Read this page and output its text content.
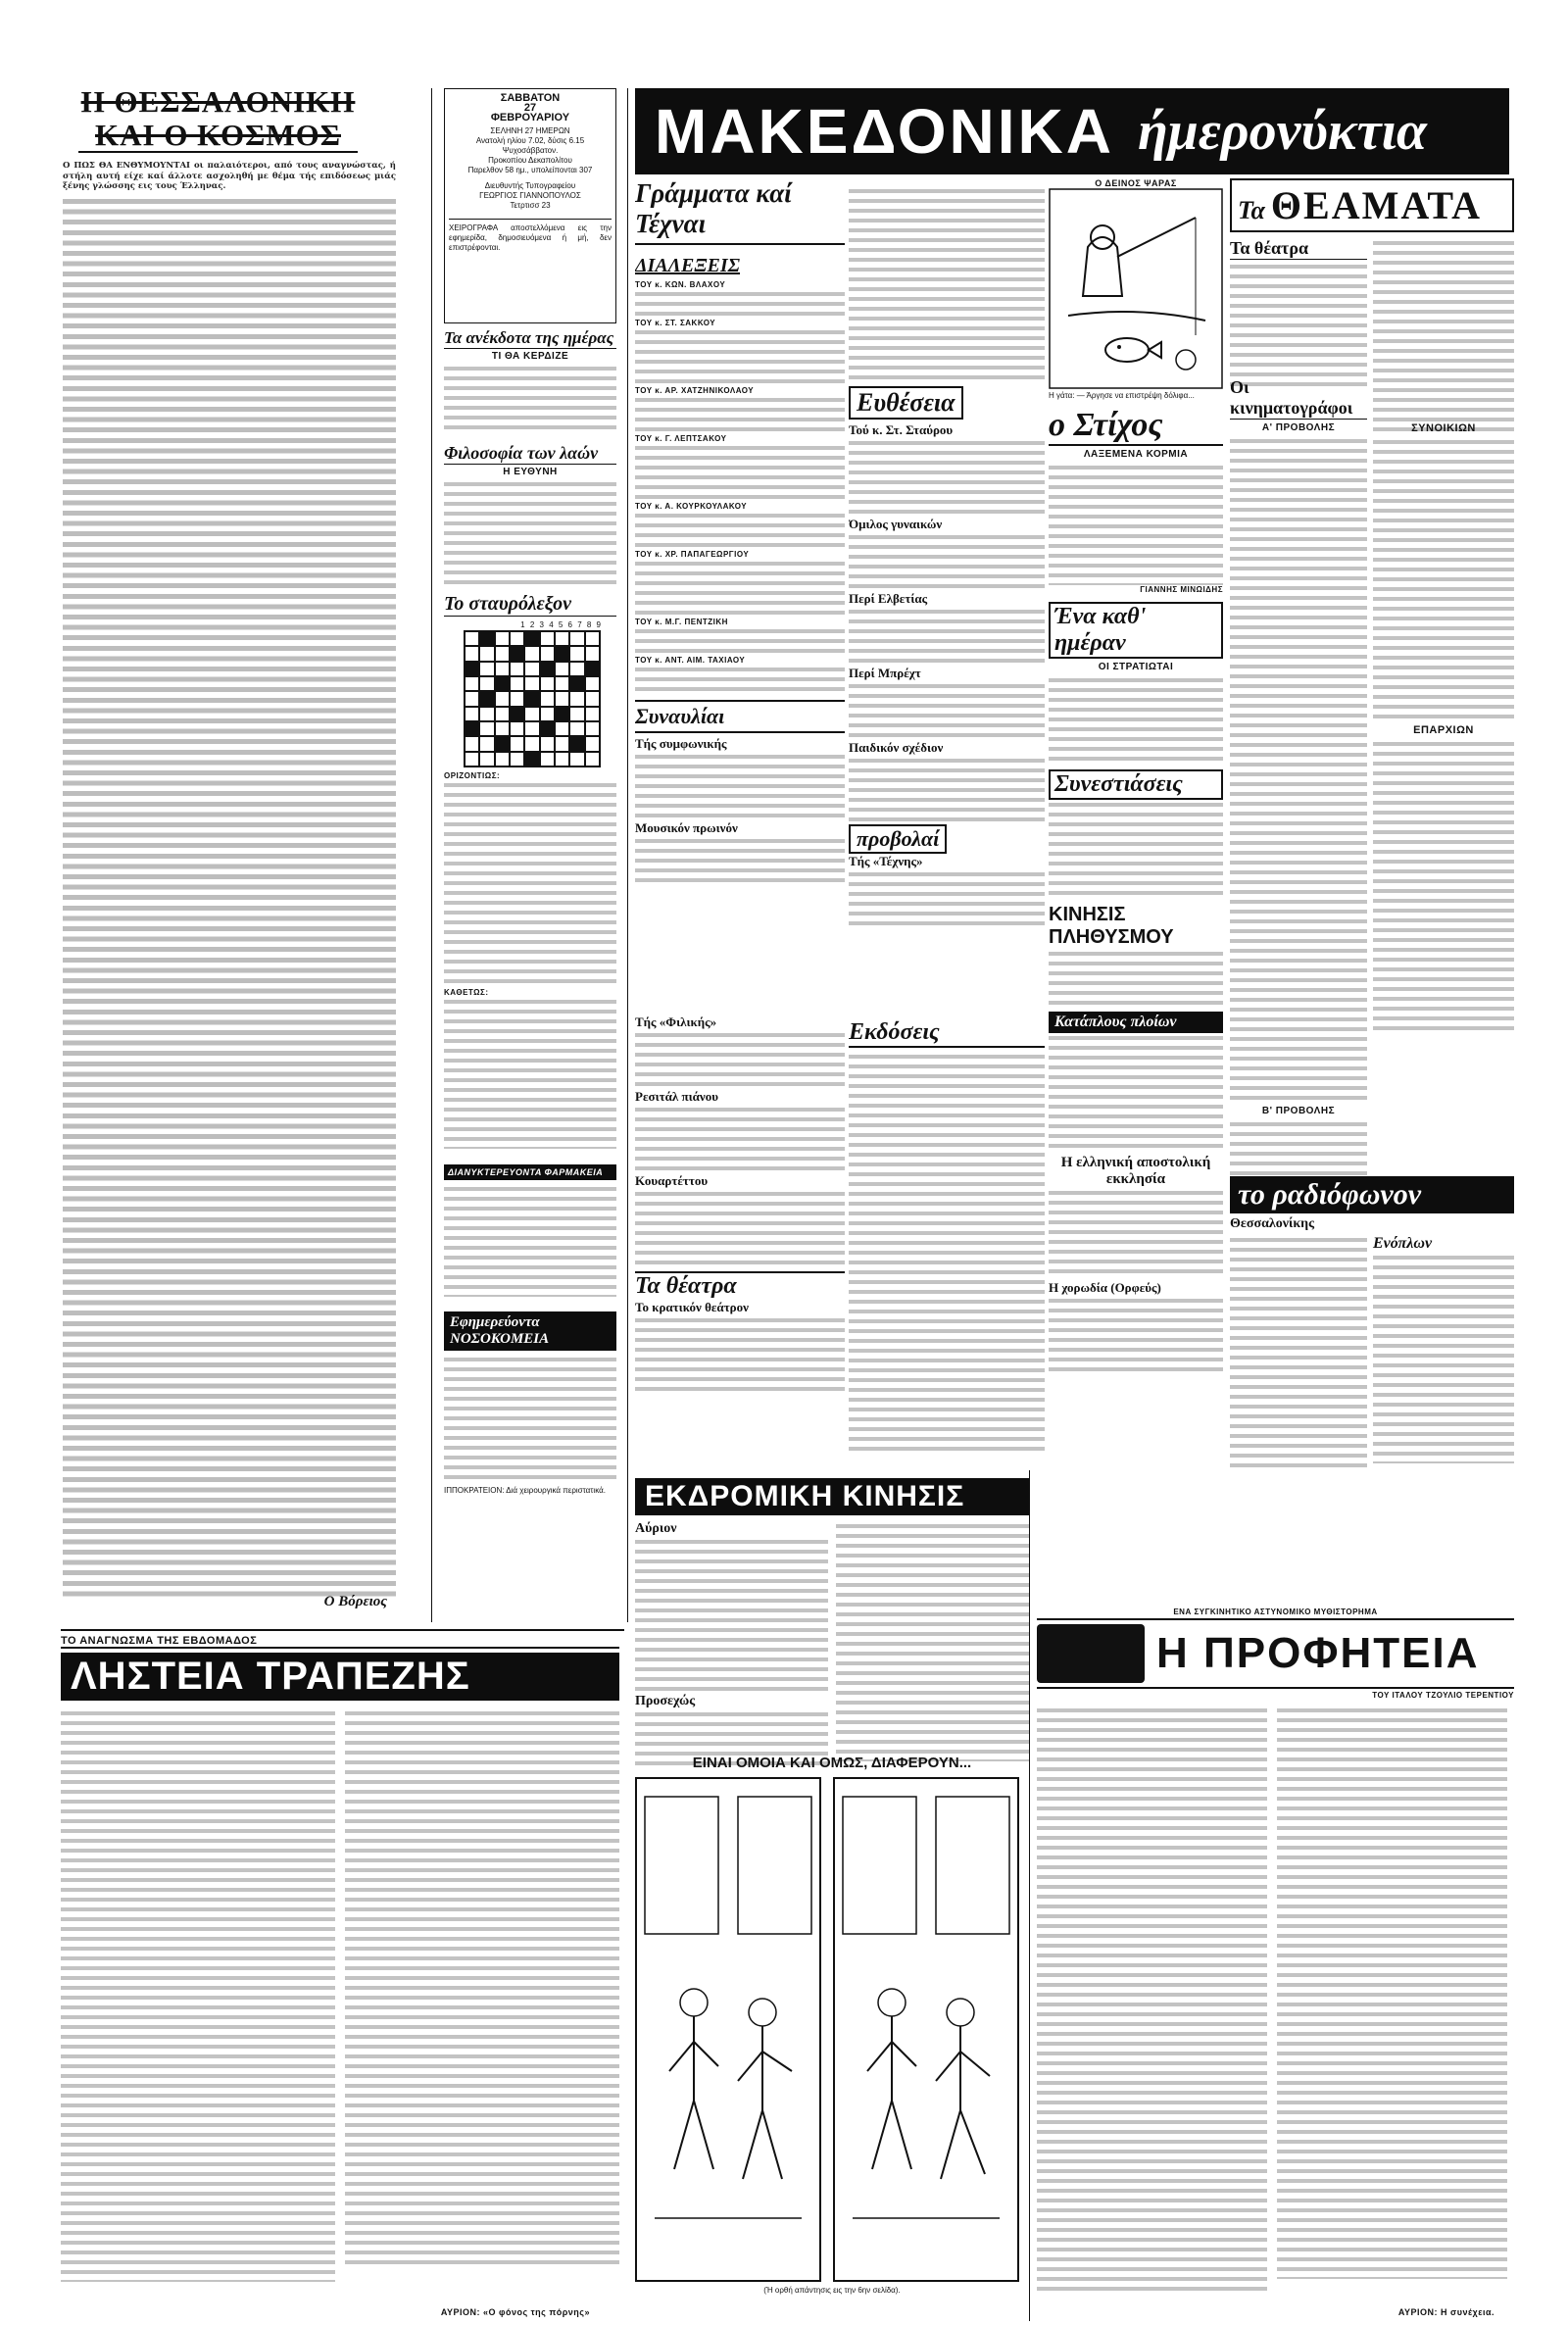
Η ΘΕΣΣΑΛΟΝΙΚΗ
ΚΑΙ Ο ΚΟΣΜΟΣ
Ο ΠΩΣ ΘΑ ΕΝΘΥΜΟΥΝΤΑΙ οι παλαιότεροι, από τους αναγνώστας, ή στήλη αυτή είχε καί άλλοτε ασχοληθή με θέμα τής επιδόσεως μιάς ξένης γλώσσης εις τους Έλληνας.
Ο Βόρειος
ΣΑΒΒΑΤΟΝ
27
ΦΕΒΡΟΥΑΡΙΟΥ
ΣΕΛΗΝΗ 27 ΗΜΕΡΩΝ
Ανατολή ηλίου 7.02, δύσις 6.15
Ψυχοσάββατον.
Προκοπίου Δεκαπολίτου
Παρελθον 58 ημ., υπολείπονται 307
Διευθυντής Τυπογραφείου
ΓΕΩΡΓΙΟΣ ΓΙΑΝΝΟΠΟΥΛΟΣ
Τετρτισσ 23
ΧΕΙΡΟΓΡΑΦΑ αποστελλόμενα εις την εφημερίδα, δημοσιευόμενα ή μή, δεν επιστρέφονται.
Τα ανέκδοτα της ημέρας
ΤΙ ΘΑ ΚΕΡΔΙΖΕ
Φιλοσοφία των λαών
Η ΕΥΘΥΝΗ
Το σταυρόλεξον
1 2 3 4 5 6 7 8 9
ΟΡΙΖΟΝΤΙΩΣ:
ΚΑΘΕΤΩΣ:
ΔΙΑΝΥΚΤΕΡΕΥΟΝΤΑ ΦΑΡΜΑΚΕΙΑ
Εφημερεύοντα ΝΟΣΟΚΟΜΕΙΑ
ΙΠΠΟΚΡΑΤΕΙΟΝ: Διά χειρουργικά περιστατικά.
ΜΑΚΕΔΟΝΙΚΑ ήμερονύκτια
Γράμματα καί Τέχναι
ΔΙΑΛΕΞΕΙΣ
ΤΟΥ κ. ΚΩΝ. ΒΛΑΧΟΥ
ΤΟΥ κ. ΣΤ. ΣΑΚΚΟΥ
ΤΟΥ κ. ΑΡ. ΧΑΤΖΗΝΙΚΟΛΑΟΥ
ΤΟΥ κ. Γ. ΛΕΠΤΣΑΚΟΥ
ΤΟΥ κ. Α. ΚΟΥΡΚΟΥΛΑΚΟΥ
ΤΟΥ κ. ΧΡ. ΠΑΠΑΓΕΩΡΓΙΟΥ
ΤΟΥ κ. Μ.Γ. ΠΕΝΤΖΙΚΗ
ΤΟΥ κ. ΑΝΤ. ΑΙΜ. ΤΑΧΙΑΟΥ
Συναυλίαι
Τής συμφωνικής
Μουσικόν πρωινόν
Τής «Φιλικής»
Ρεσιτάλ πιάνου
Κουαρτέττου
Τα θέατρα
Το κρατικόν θεάτρον
Ευθέσεια
Τού κ. Στ. Σταύρου
Όμιλος γυναικών
Περί Ελβετίας
Περί Μπρέχτ
Παιδικόν σχέδιον
προβολαί
Τής «Τέχνης»
Εκδόσεις
Ο ΔΕΙΝΟΣ ΨΑΡΑΣ
Η γάτα: — Άργησε να επιστρέψη δόλιφα...
ο Στίχος
ΛΑΞΕΜΕΝΑ ΚΟΡΜΙΑ
ΓΙΑΝΝΗΣ ΜΙΝΩΙΔΗΣ
Ένα καθ' ημέραν
ΟΙ ΣΤΡΑΤΙΩΤΑΙ
Συνεστιάσεις
ΚΙΝΗΣΙΣ ΠΛΗΘΥΣΜΟΥ
Κατάπλους πλοίων
Η ελληνική αποστολική εκκλησία
Η χορωδία (Ορφεύς)
Τα ΘΕΑΜΑΤΑ
Τα θέατρα
Οι κινηματογράφοι
Α' ΠΡΟΒΟΛΗΣ
Β' ΠΡΟΒΟΛΗΣ
ΣΥΝΟΙΚΙΩΝ
ΕΠΑΡΧΙΩΝ
το ραδιόφωνον
Θεσσαλονίκης
Ενόπλων
ΕΚΔΡΟΜΙΚΗ ΚΙΝΗΣΙΣ
Αύριον
Προσεχώς
ΕΙΝΑΙ ΟΜΟΙΑ ΚΑΙ ΟΜΩΣ, ΔΙΑΦΕΡΟΥΝ...
(Ή ορθή απάντησις εις την 6ην σελίδα).
ΤΟ ΑΝΑΓΝΩΣΜΑ ΤΗΣ ΕΒΔΟΜΑΔΟΣ
ΛΗΣΤΕΙΑ ΤΡΑΠΕΖΗΣ
ΑΥΡΙΟΝ: «Ο φόνος της πόρνης»
ΕΝΑ ΣΥΓΚΙΝΗΤΙΚΟ ΑΣΤΥΝΟΜΙΚΟ ΜΥΘΙΣΤΟΡΗΜΑ
Η ΠΡΟΦΗΤΕΙΑ
ΤΟΥ ΙΤΑΛΟΥ ΤΖΟΥΛΙΟ ΤΕΡΕΝΤΙΟΥ
ΑΥΡΙΟΝ: Η συνέχεια.
